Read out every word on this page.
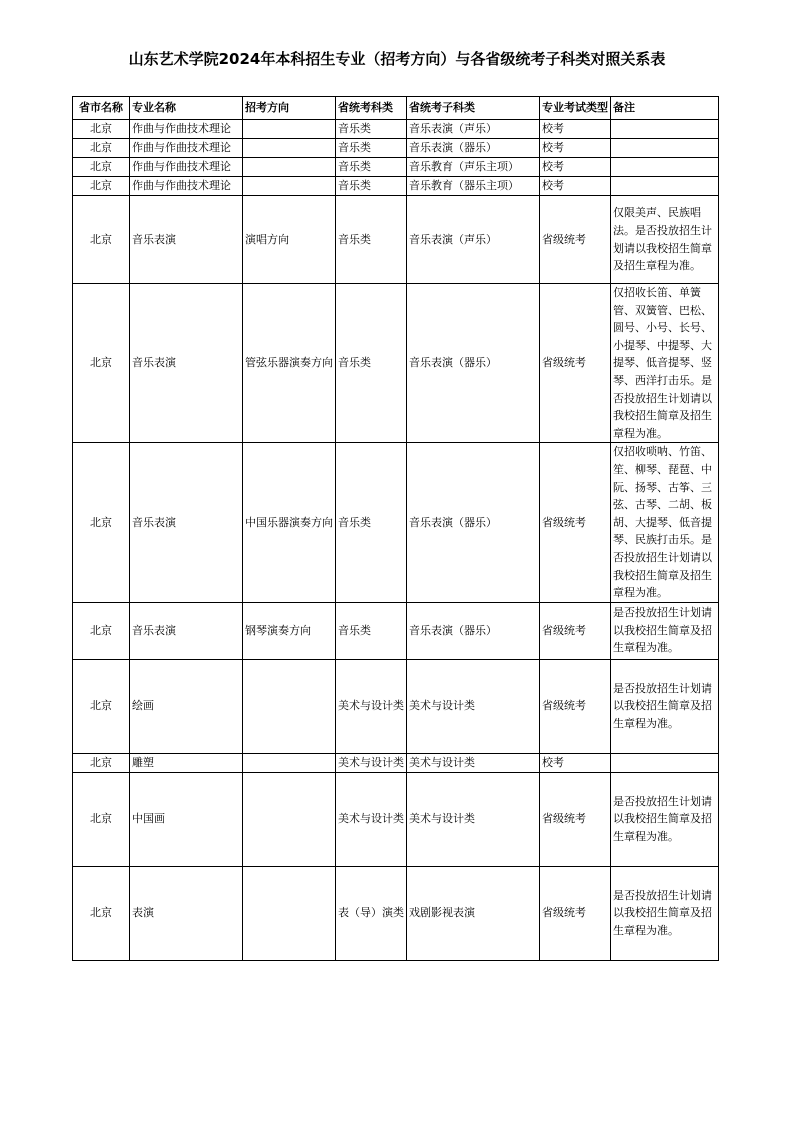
山东艺术学院2024年本科招生专业（招考方向）与各省级统考子科类对照关系表
省市名称	专业名称	招考方向	省统考科类	省统考子科类	专业考试类型	备注
北京	作曲与作曲技术理论		音乐类	音乐表演（声乐）	校考	
北京	作曲与作曲技术理论		音乐类	音乐表演（器乐）	校考	
北京	作曲与作曲技术理论		音乐类	音乐教育（声乐主项）	校考	
北京	作曲与作曲技术理论		音乐类	音乐教育（器乐主项）	校考	
北京	音乐表演	演唱方向	音乐类	音乐表演（声乐）	省级统考	仅限美声、民族唱法。是否投放招生计划请以我校招生简章及招生章程为准。
北京	音乐表演	管弦乐器演奏方向	音乐类	音乐表演（器乐）	省级统考	仅招收长笛、单簧管、双簧管、巴松、圆号、小号、长号、小提琴、中提琴、大提琴、低音提琴、竖琴、西洋打击乐。是否投放招生计划请以我校招生简章及招生章程为准。
北京	音乐表演	中国乐器演奏方向	音乐类	音乐表演（器乐）	省级统考	仅招收唢呐、竹笛、笙、柳琴、琵琶、中阮、扬琴、古筝、三弦、古琴、二胡、板胡、大提琴、低音提琴、民族打击乐。是否投放招生计划请以我校招生简章及招生章程为准。
北京	音乐表演	钢琴演奏方向	音乐类	音乐表演（器乐）	省级统考	是否投放招生计划请以我校招生简章及招生章程为准。
北京	绘画		美术与设计类	美术与设计类	省级统考	是否投放招生计划请以我校招生简章及招生章程为准。
北京	雕塑		美术与设计类	美术与设计类	校考	
北京	中国画		美术与设计类	美术与设计类	省级统考	是否投放招生计划请以我校招生简章及招生章程为准。
北京	表演		表（导）演类	戏剧影视表演	省级统考	是否投放招生计划请以我校招生简章及招生章程为准。
